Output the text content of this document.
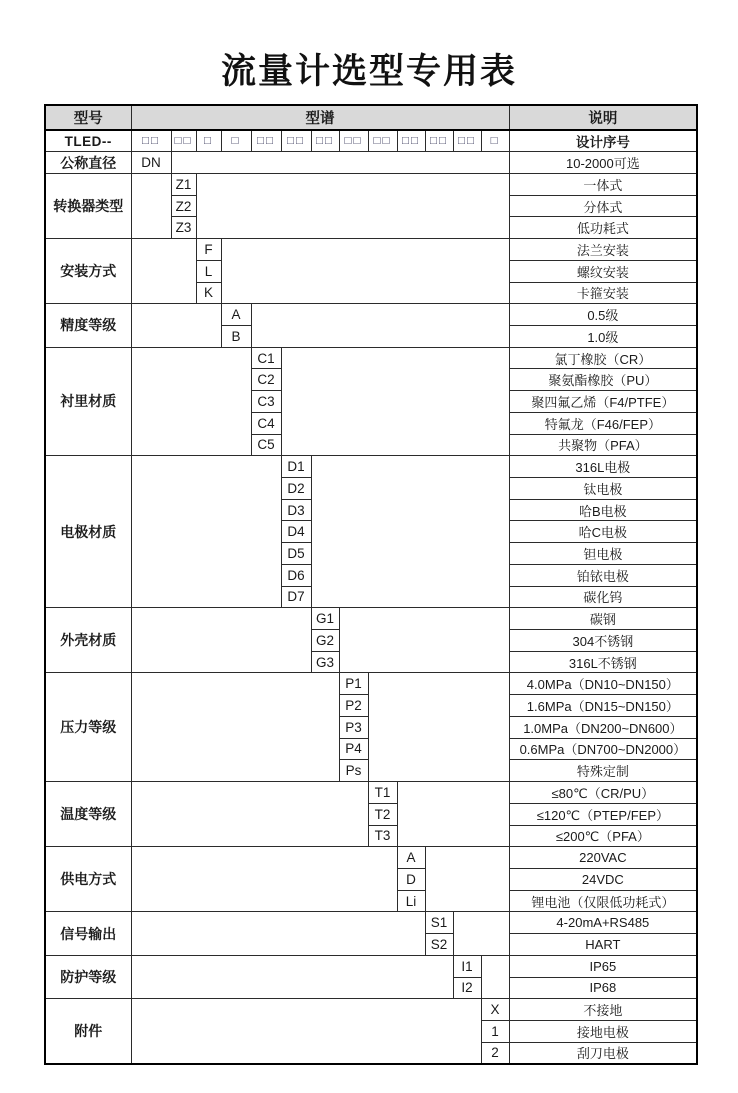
流量计选型专用表
型号	型谱													说明
TLED--	□□	□□	□	□	□□	□□	□□	□□	□□	□□	□□	□□	□	设计序号
公称直径	DN													10-2000可选
转换器类型		Z1												一体式
		Z2												分体式
		Z3												低功耗式
安装方式			F											法兰安装
			L											螺纹安装
			K											卡箍安装
精度等级				A										0.5级
				B										1.0级
衬里材质					C1									氯丁橡胶（CR）
					C2									聚氨酯橡胶（PU）
					C3									聚四氟乙烯（F4/PTFE）
					C4									特氟龙（F46/FEP）
					C5									共聚物（PFA）
电极材质						D1								316L电极
						D2								钛电极
						D3								哈B电极
						D4								哈C电极
						D5								钽电极
						D6								铂铱电极
						D7								碳化钨
外壳材质							G1							碳钢
							G2							304不锈钢
							G3							316L不锈钢
压力等级								P1						4.0MPa（DN10~DN150）
								P2						1.6MPa（DN15~DN150）
								P3						1.0MPa（DN200~DN600）
								P4						0.6MPa（DN700~DN2000）
								Ps						特殊定制
温度等级									T1					≤80℃（CR/PU）
									T2					≤120℃（PTEP/FEP）
									T3					≤200℃（PFA）
供电方式										A				220VAC
										D				24VDC
										Li				锂电池（仅限低功耗式）
信号输出											S1			4-20mA+RS485
											S2			HART
防护等级												I1		IP65
												I2		IP68
附件													X	不接地
													1	接地电极
													2	刮刀电极
